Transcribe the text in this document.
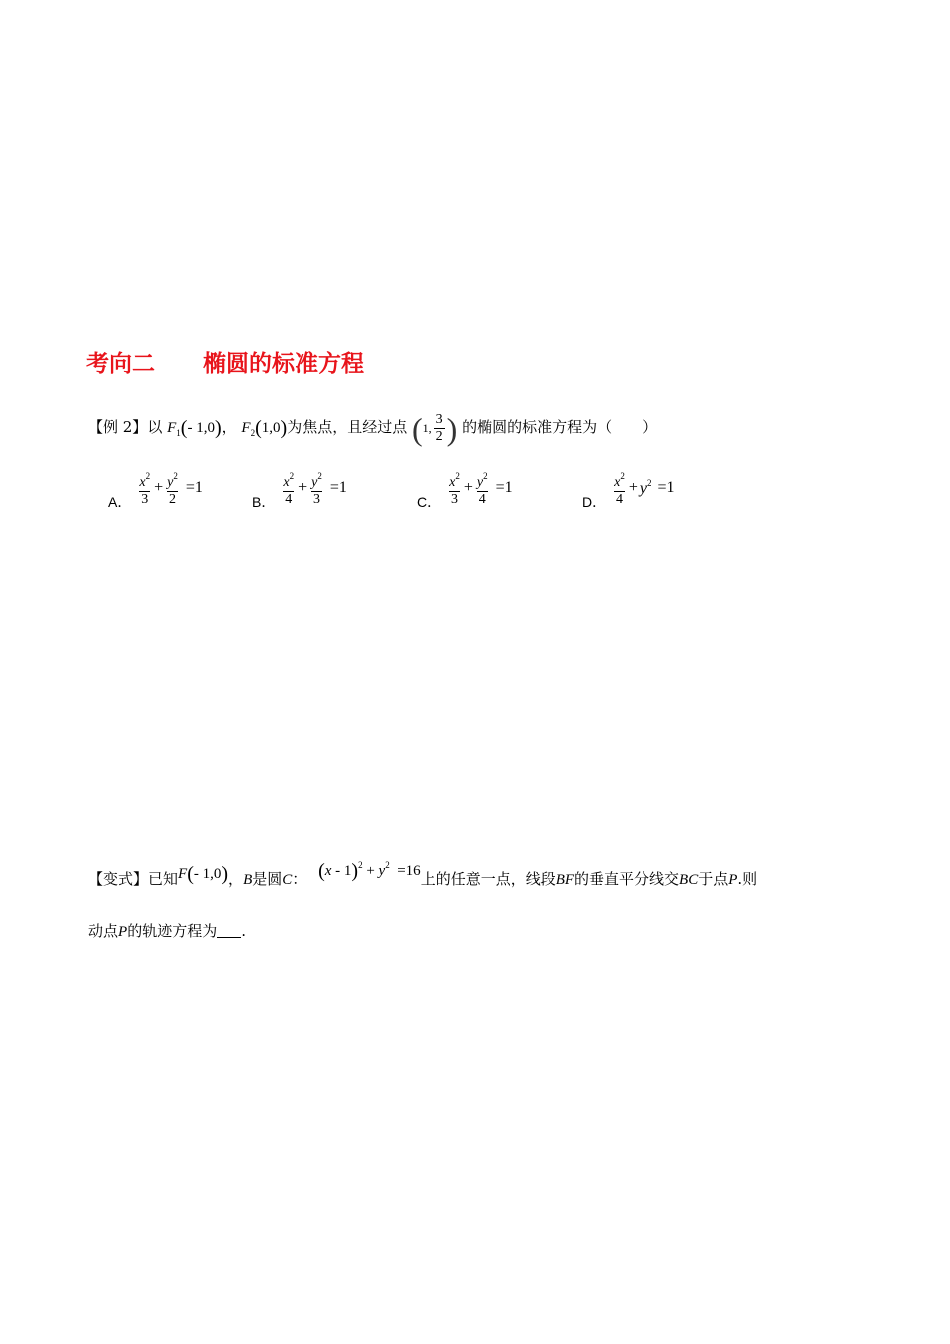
考向二 椭圆的标准方程
【例 2】以 $F_1(-$ 1,0)， $F_2(1,0)$为焦点，且经过点 (1, $\frac{3}{2}$ ) 的椭圆的标准方程为（　　）
A． $\frac{x^2}{3} + \frac{y^2}{2} =1$
B． $\frac{x^2}{4} + \frac{y^2}{3} =1$
C． $\frac{x^2}{3} + \frac{y^2}{4} =1$
D． $\frac{x^2}{4} + y^2 =1$
【变式】已知F(- 1,0)，B是圆C： $(x - 1)^2 + y^2 =16$上的任意一点，线段BF的垂直平分线交BC于点P.则
动点P的轨迹方程为 .
